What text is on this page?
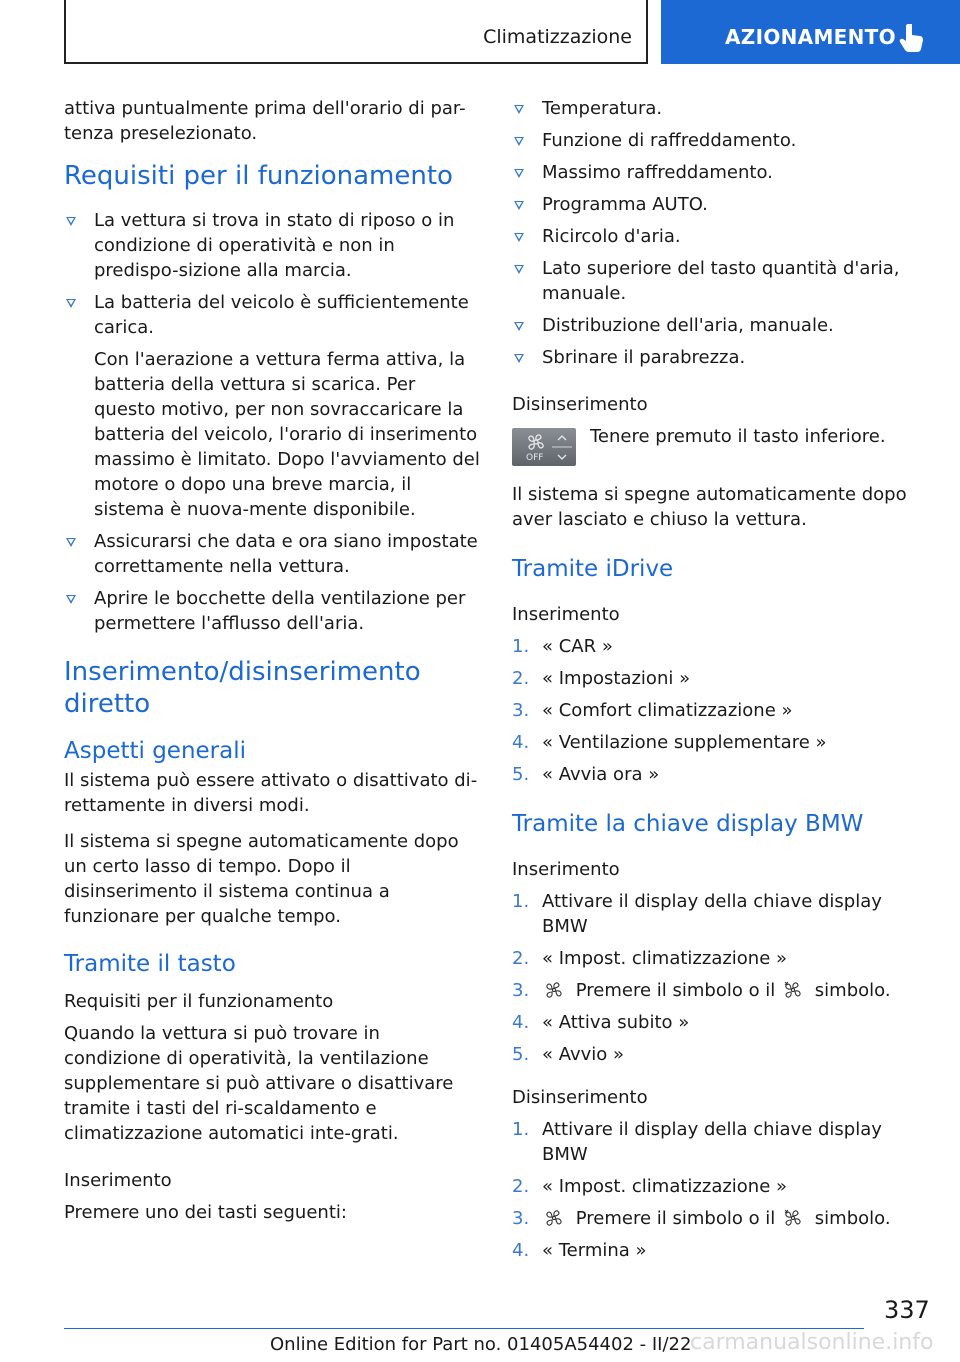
Climatizzazione	AZIONAMENTO

attiva puntualmente prima dell'orario di par-tenza preselezionato.

Requisiti per il funzionamento
La vettura si trova in stato di riposo o in condizione di operatività e non in predispo-sizione alla marcia.
La batteria del veicolo è sufficientemente carica.
Con l'aerazione a vettura ferma attiva, la batteria della vettura si scarica. Per questo motivo, per non sovraccaricare la batteria del veicolo, l'orario di inserimento massimo è limitato. Dopo l'avviamento del motore o dopo una breve marcia, il sistema è nuova-mente disponibile.
Assicurarsi che data e ora siano impostate correttamente nella vettura.
Aprire le bocchette della ventilazione per permettere l'afflusso dell'aria.
Inserimento/disinserimento diretto
Aspetti generali

Il sistema può essere attivato o disattivato di-rettamente in diversi modi.

Il sistema si spegne automaticamente dopo un certo lasso di tempo. Dopo il disinserimento il sistema continua a funzionare per qualche tempo.

Tramite il tasto
Requisiti per il funzionamento

Quando la vettura si può trovare in condizione di operatività, la ventilazione supplementare si può attivare o disattivare tramite i tasti del ri-scaldamento e climatizzazione automatici inte-grati.

Inserimento

Premere uno dei tasti seguenti:

Temperatura.
Funzione di raffreddamento.
Massimo raffreddamento.
Programma AUTO.
Ricircolo d'aria.
Lato superiore del tasto quantità d'aria, manuale.
Distribuzione dell'aria, manuale.
Sbrinare il parabrezza.
Disinserimento
OFF
Tenere premuto il tasto inferiore.

Il sistema si spegne automaticamente dopo aver lasciato e chiuso la vettura.

Tramite iDrive
Inserimento
1. « CAR »
2. « Impostazioni »
3. « Comfort climatizzazione »
4. « Ventilazione supplementare »
5. « Avvia ora »
Tramite la chiave display BMW
Inserimento
1. Attivare il display della chiave display BMW
2. « Impost. climatizzazione »
3.	Premere il simbolo o il simbolo.
4. « Attiva subito »
5. « Avvio »
Disinserimento
1. Attivare il display della chiave display BMW
2. « Impost. climatizzazione »
3.	Premere il simbolo o il simbolo.
4. « Termina »
337
Online Edition for Part no. 01405A54402 - II/22
carmanualsonline.info
